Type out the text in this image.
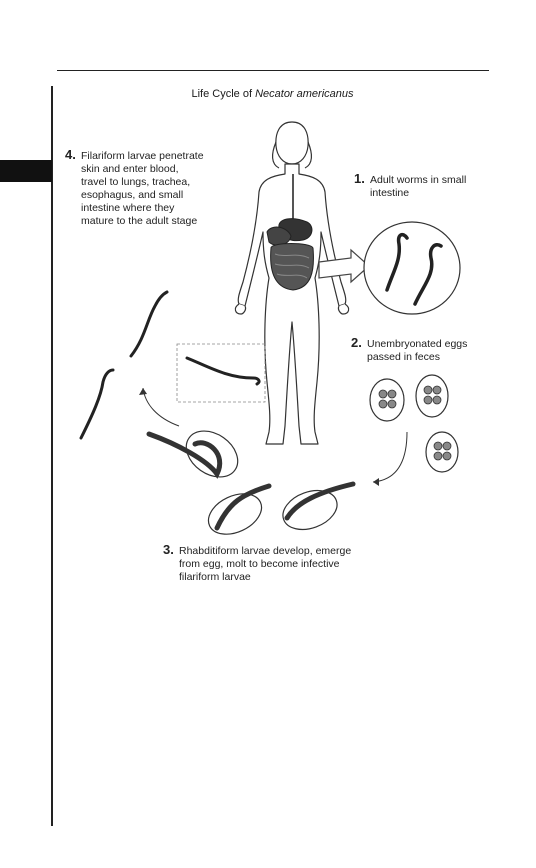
Life Cycle of Necator americanus
4. Filariform larvae penetrate skin and enter blood, travel to lungs, trachea, esophagus, and small intestine where they mature to the adult stage
1. Adult worms in small intestine
2. Unembryonated eggs passed in feces
3. Rhabditiform larvae develop, emerge from egg, molt to become infective filariform larvae
